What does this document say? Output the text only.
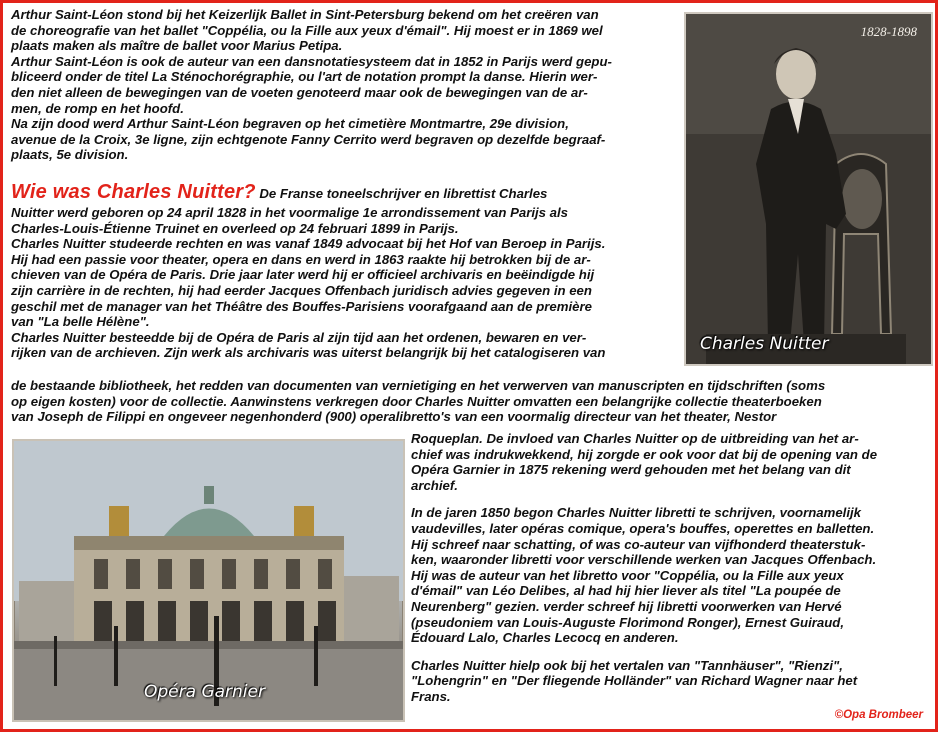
Arthur Saint-Léon stond bij het Keizerlijk Ballet in Sint-Petersburg bekend om het creëren van

de choreografie van het ballet "Coppélia, ou la Fille aux yeux d'émail". Hij moest er in 1869 wel

plaats maken als maître de ballet voor Marius Petipa.

Arthur Saint-Léon is ook de auteur van een dansnotatiesysteem dat in 1852 in Parijs werd gepu-

bliceerd onder de titel La Sténochorégraphie, ou l'art de notation prompt la danse. Hierin wer-

den niet alleen de bewegingen van de voeten genoteerd maar ook de bewegingen van de ar-

men, de romp en het hoofd.

Na zijn dood werd Arthur Saint-Léon begraven op het cimetière Montmartre, 29e division,

avenue de la Croix, 3e ligne, zijn echtgenote Fanny Cerrito werd begraven op dezelfde begraaf-

plaats, 5e division.

Wie was Charles Nuitter? De Franse toneelschrijver en librettist Charles

Nuitter werd geboren op 24 april 1828 in het voormalige 1e arrondissement van Parijs als

Charles-Louis-Étienne Truinet en overleed op 24 februari 1899 in Parijs.

Charles Nuitter studeerde rechten en was vanaf 1849 advocaat bij het Hof van Beroep in Parijs.

Hij had een passie voor theater, opera en dans en werd in 1863 raakte hij betrokken bij de ar-

chieven van de Opéra de Paris. Drie jaar later werd hij er officieel archivaris en beëindigde hij

zijn carrière in de rechten, hij had eerder Jacques Offenbach juridisch advies gegeven in een

geschil met de manager van het Théâtre des Bouffes-Parisiens voorafgaand aan de première

van "La belle Hélène".

Charles Nuitter besteedde bij de Opéra de Paris al zijn tijd aan het ordenen, bewaren en ver-

rijken van de archieven. Zijn werk als archivaris was uiterst belangrijk bij het catalogiseren van

de bestaande bibliotheek, het redden van documenten van vernietiging en het verwerven van manuscripten en tijdschriften (soms

op eigen kosten) voor de collectie. Aanwinstens verkregen door Charles Nuitter omvatten een belangrijke collectie theaterboeken

van Joseph de Filippi en ongeveer negenhonderd (900) operalibretto's van een voormalig directeur van het theater, Nestor

Roqueplan. De invloed van Charles Nuitter op de uitbreiding van het ar-

chief was indrukwekkend, hij zorgde er ook voor dat bij de opening van de

Opéra Garnier in 1875 rekening werd gehouden met het belang van dit

archief.

In de jaren 1850 begon Charles Nuitter libretti te schrijven, voornamelijk

vaudevilles, later opéras comique, opera's bouffes, operettes en balletten.

Hij schreef naar schatting, of was co-auteur van vijfhonderd theaterstuk-

ken, waaronder libretti voor verschillende werken van Jacques Offenbach.

Hij was de auteur van het libretto voor "Coppélia, ou la Fille aux yeux

d'émail" van Léo Delibes, al had hij hier liever als titel "La poupée de

Neurenberg" gezien. verder schreef hij libretti voorwerken van Hervé

(pseudoniem van Louis-Auguste Florimond Ronger), Ernest Guiraud,

Édouard Lalo, Charles Lecocq en anderen.

Charles Nuitter hielp ook bij het vertalen van "Tannhäuser", "Rienzi",

"Lohengrin" en "Der fliegende Holländer" van Richard Wagner naar het

Frans.

1828-1898
Charles Nuitter
Opéra Garnier
©Opa Brombeer
